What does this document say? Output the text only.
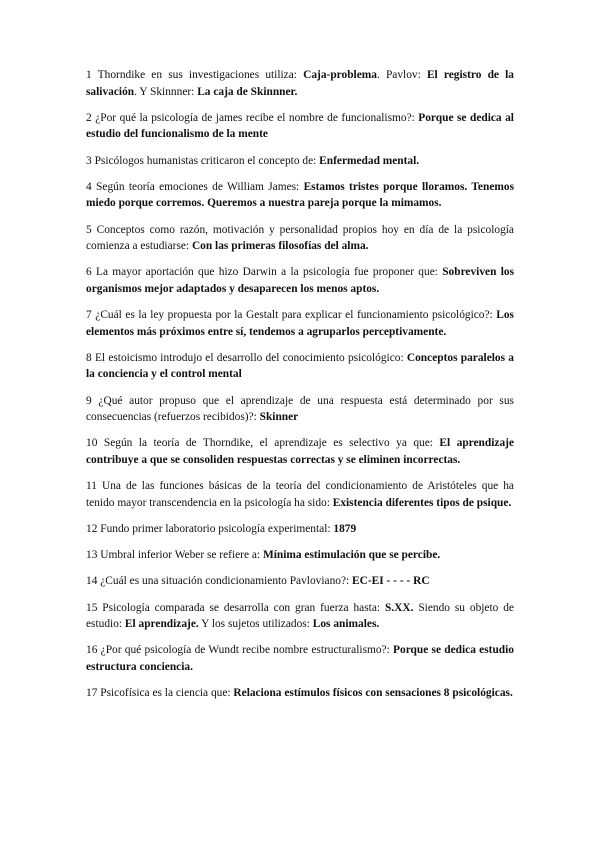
1 Thorndike en sus investigaciones utiliza: Caja-problema. Pavlov: El registro de la salivación. Y Skinnner: La caja de Skinnner.

2 ¿Por qué la psicología de james recibe el nombre de funcionalismo?: Porque se dedica al estudio del funcionalismo de la mente

3 Psicólogos humanistas criticaron el concepto de: Enfermedad mental.

4 Según teoría emociones de William James: Estamos tristes porque lloramos. Tenemos miedo porque corremos. Queremos a nuestra pareja porque la mimamos.

5 Conceptos como razón, motivación y personalidad propios hoy en día de la psicología comienza a estudiarse: Con las primeras filosofías del alma.

6 La mayor aportación que hizo Darwin a la psicología fue proponer que: Sobreviven los organismos mejor adaptados y desaparecen los menos aptos.

7 ¿Cuál es la ley propuesta por la Gestalt para explicar el funcionamiento psicológico?: Los elementos más próximos entre sí, tendemos a agruparlos perceptivamente.

8 El estoicismo introdujo el desarrollo del conocimiento psicológico: Conceptos paralelos a la conciencia y el control mental

9 ¿Qué autor propuso que el aprendizaje de una respuesta está determinado por sus consecuencias (refuerzos recibidos)?: Skinner

10 Según la teoría de Thorndike, el aprendizaje es selectivo ya que: El aprendizaje contribuye a que se consoliden respuestas correctas y se eliminen incorrectas.

11 Una de las funciones básicas de la teoría del condicionamiento de Aristóteles que ha tenido mayor transcendencia en la psicología ha sido: Existencia diferentes tipos de psique.

12 Fundo primer laboratorio psicología experimental: 1879

13 Umbral inferior Weber se refiere a: Mínima estimulación que se percibe.

14 ¿Cuál es una situación condicionamiento Pavloviano?: EC-EI - - - - RC

15 Psicología comparada se desarrolla con gran fuerza hasta: S.XX. Siendo su objeto de estudio: El aprendizaje. Y los sujetos utilizados: Los animales.

16 ¿Por qué psicología de Wundt recibe nombre estructuralismo?: Porque se dedica estudio estructura conciencia.

17 Psicofísica es la ciencia que: Relaciona estímulos físicos con sensaciones 8 psicológicas.
